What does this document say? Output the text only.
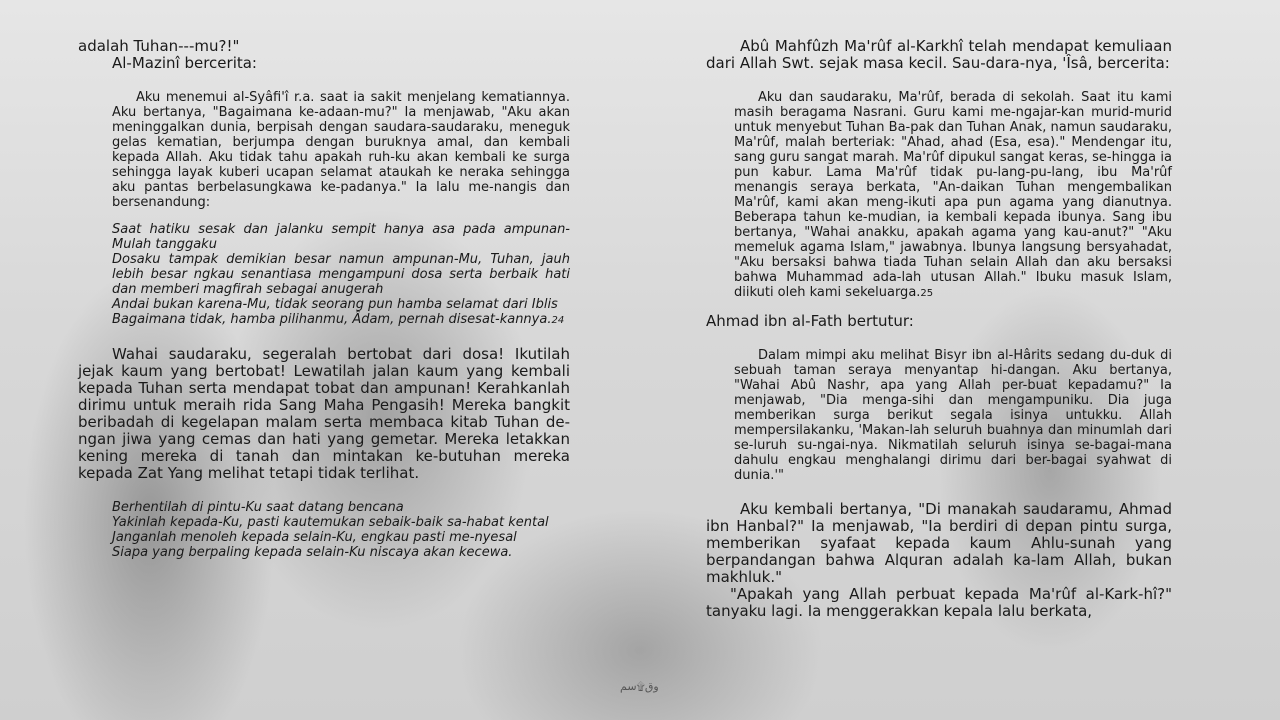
adalah Tuhan---mu?!"

Al-Mazinî bercerita:

Aku menemui al-Syâfi'î r.a. saat ia sakit menjelang kematiannya. Aku bertanya, "Bagaimana ke-adaan-mu?" Ia menjawab, "Aku akan meninggalkan dunia, berpisah dengan saudara-saudaraku, meneguk gelas kematian, berjumpa dengan buruknya amal, dan kembali kepada Allah. Aku tidak tahu apakah ruh-ku akan kembali ke surga sehingga layak kuberi ucapan selamat ataukah ke neraka sehingga aku pantas berbelasungkawa ke-padanya." Ia lalu me-nangis dan bersenandung:

Saat hatiku sesak dan jalanku sempit hanya asa pada ampunan-Mulah tanggaku

Dosaku tampak demikian besar namun ampunan-Mu, Tuhan, jauh lebih besar ngkau senantiasa mengampuni dosa serta berbaik hati dan memberi magfirah sebagai anugerah

Andai bukan karena-Mu, tidak seorang pun hamba selamat dari Iblis

Bagaimana tidak, hamba pilihanmu, Âdam, pernah disesat-kannya.24

Wahai saudaraku, segeralah bertobat dari dosa! Ikutilah jejak kaum yang bertobat! Lewatilah jalan kaum yang kembali kepada Tuhan serta mendapat tobat dan ampunan! Kerahkanlah dirimu untuk meraih rida Sang Maha Pengasih! Mereka bangkit beribadah di kegelapan malam serta membaca kitab Tuhan de-ngan jiwa yang cemas dan hati yang gemetar. Mereka letakkan kening mereka di tanah dan mintakan ke-butuhan mereka kepada Zat Yang melihat tetapi tidak terlihat.

Berhentilah di pintu-Ku saat datang bencana

Yakinlah kepada-Ku, pasti kautemukan sebaik-baik sa-habat kental

Janganlah menoleh kepada selain-Ku, engkau pasti me-nyesal

Siapa yang berpaling kepada selain-Ku niscaya akan kecewa.

Abû Mahfûzh Ma'rûf al-Karkhî telah mendapat kemuliaan dari Allah Swt. sejak masa kecil. Sau-dara-nya, 'Îsâ, bercerita:

Aku dan saudaraku, Ma'rûf, berada di sekolah. Saat itu kami masih beragama Nasrani. Guru kami me-ngajar-kan murid-murid untuk menyebut Tuhan Ba-pak dan Tuhan Anak, namun saudaraku, Ma'rûf, malah berteriak: "Ahad, ahad (Esa, esa)." Mendengar itu, sang guru sangat marah. Ma'rûf dipukul sangat keras, se-hingga ia pun kabur. Lama Ma'rûf tidak pu-lang-pu-lang, ibu Ma'rûf menangis seraya berkata, "An-daikan Tuhan mengembalikan Ma'rûf, kami akan meng-ikuti apa pun agama yang dianutnya. Beberapa tahun ke-mudian, ia kembali kepada ibunya. Sang ibu bertanya, "Wahai anakku, apakah agama yang kau-anut?" "Aku memeluk agama Islam," jawabnya. Ibunya langsung bersyahadat, "Aku bersaksi bahwa tiada Tuhan selain Allah dan aku bersaksi bahwa Muhammad ada-lah utusan Allah." Ibuku masuk Islam, diikuti oleh kami sekeluarga.25

Ahmad ibn al-Fath bertutur:

Dalam mimpi aku melihat Bisyr ibn al-Hârits sedang du-duk di sebuah taman seraya menyantap hi-dangan. Aku bertanya, "Wahai Abû Nashr, apa yang Allah per-buat kepadamu?" Ia menjawab, "Dia menga-sihi dan mengampuniku. Dia juga memberikan surga berikut segala isinya untukku. Allah mempersilakanku, 'Makan-lah seluruh buahnya dan minumlah dari se-luruh su-ngai-nya. Nikmatilah seluruh isinya se-bagai-mana dahulu engkau menghalangi dirimu dari ber-bagai syahwat di dunia.'"

Aku kembali bertanya, "Di manakah saudaramu, Ahmad ibn Hanbal?" Ia menjawab, "Ia berdiri di depan pintu surga, memberikan syafaat kepada kaum Ahlu-sunah yang berpandangan bahwa Alquran adalah ka-lam Allah, bukan makhluk."

"Apakah yang Allah perbuat kepada Ma'rûf al-Kark-hî?" tanyaku lagi. Ia menggerakkan kepala lalu berkata,

وق۩سم
